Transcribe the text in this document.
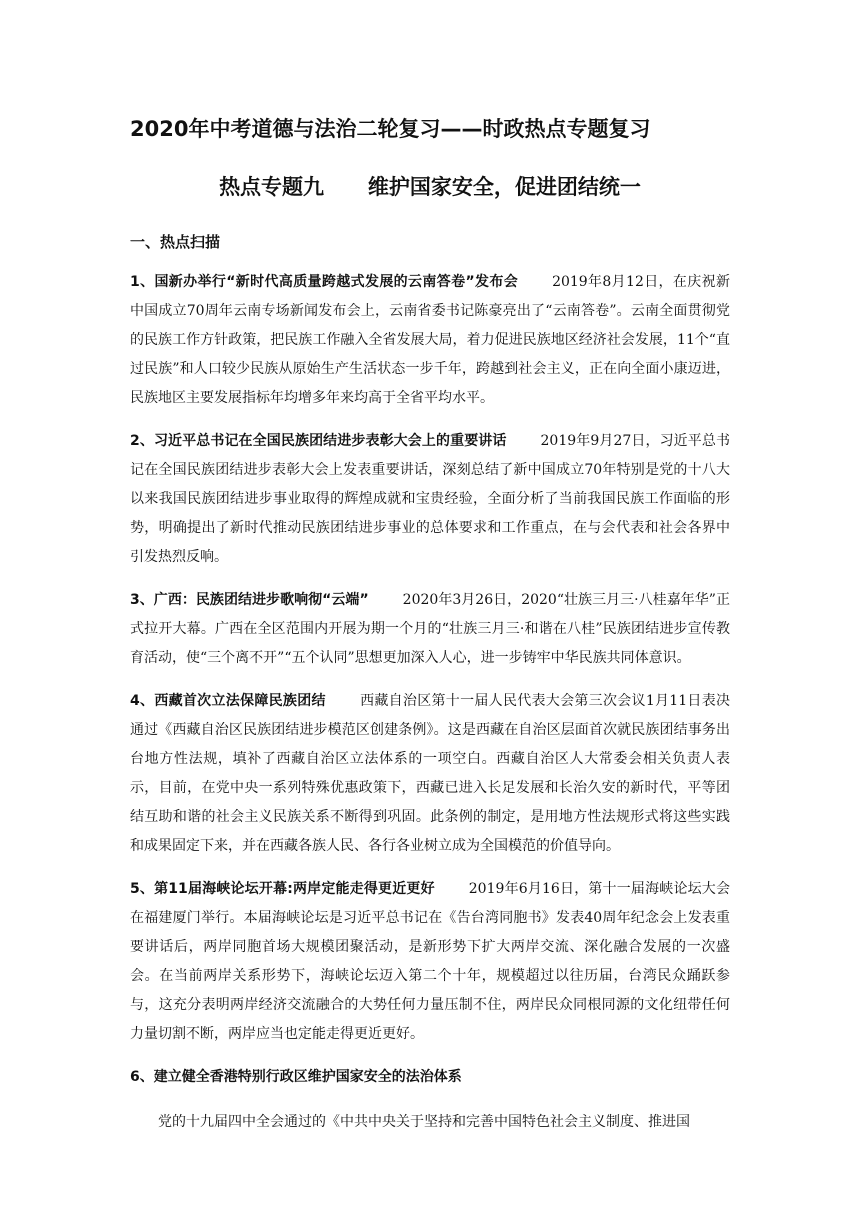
2020年中考道德与法治二轮复习——时政热点专题复习
热点专题九      维护国家安全，促进团结统一
一、热点扫描

1、国新办举行“新时代高质量跨越式发展的云南答卷”发布会 2019年8月12日，在庆祝新中国成立70周年云南专场新闻发布会上，云南省委书记陈豪亮出了“云南答卷”。云南全面贯彻党的民族工作方针政策，把民族工作融入全省发展大局，着力促进民族地区经济社会发展，11个“直过民族”和人口较少民族从原始生产生活状态一步千年，跨越到社会主义，正在向全面小康迈进，民族地区主要发展指标年均增多年来均高于全省平均水平。

2、习近平总书记在全国民族团结进步表彰大会上的重要讲话 2019年9月27日，习近平总书记在全国民族团结进步表彰大会上发表重要讲话，深刻总结了新中国成立70年特别是党的十八大以来我国民族团结进步事业取得的辉煌成就和宝贵经验，全面分析了当前我国民族工作面临的形势，明确提出了新时代推动民族团结进步事业的总体要求和工作重点，在与会代表和社会各界中引发热烈反响。

3、广西：民族团结进步歌响彻“云端” 2020年3月26日，2020“壮族三月三·八桂嘉年华”正式拉开大幕。广西在全区范围内开展为期一个月的“壮族三月三·和谐在八桂”民族团结进步宣传教育活动，使“三个离不开”“五个认同”思想更加深入人心，进一步铸牢中华民族共同体意识。

4、西藏首次立法保障民族团结 西藏自治区第十一届人民代表大会第三次会议1月11日表决通过《西藏自治区民族团结进步模范区创建条例》。这是西藏在自治区层面首次就民族团结事务出台地方性法规，填补了西藏自治区立法体系的一项空白。西藏自治区人大常委会相关负责人表示，目前，在党中央一系列特殊优惠政策下，西藏已进入长足发展和长治久安的新时代，平等团结互助和谐的社会主义民族关系不断得到巩固。此条例的制定，是用地方性法规形式将这些实践和成果固定下来，并在西藏各族人民、各行各业树立成为全国模范的价值导向。

5、第11届海峡论坛开幕:两岸定能走得更近更好 2019年6月16日，第十一届海峡论坛大会在福建厦门举行。本届海峡论坛是习近平总书记在《告台湾同胞书》发表40周年纪念会上发表重要讲话后，两岸同胞首场大规模团聚活动，是新形势下扩大两岸交流、深化融合发展的一次盛会。在当前两岸关系形势下，海峡论坛迈入第二个十年，规模超过以往历届，台湾民众踊跃参与，这充分表明两岸经济交流融合的大势任何力量压制不住，两岸民众同根同源的文化纽带任何力量切割不断，两岸应当也定能走得更近更好。

6、建立健全香港特别行政区维护国家安全的法治体系

党的十九届四中全会通过的《中共中央关于坚持和完善中国特色社会主义制度、推进国
